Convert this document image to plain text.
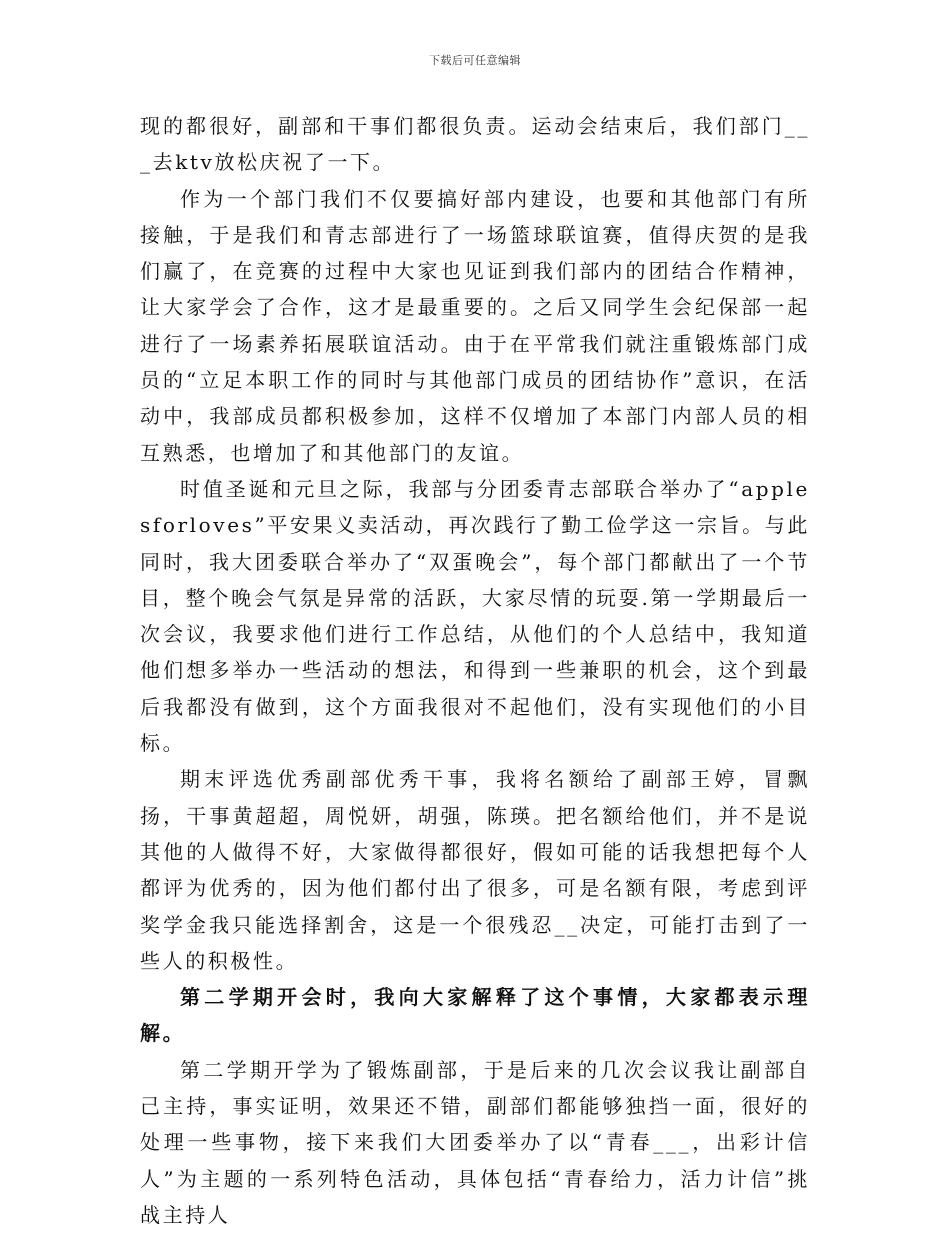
下载后可任意编辑

现的都很好，副部和干事们都很负责。运动会结束后，我们部门___去ktv放松庆祝了一下。

作为一个部门我们不仅要搞好部内建设，也要和其他部门有所接触，于是我们和青志部进行了一场篮球联谊赛，值得庆贺的是我们赢了，在竞赛的过程中大家也见证到我们部内的团结合作精神，让大家学会了合作，这才是最重要的。之后又同学生会纪保部一起进行了一场素养拓展联谊活动。由于在平常我们就注重锻炼部门成员的“立足本职工作的同时与其他部门成员的团结协作”意识，在活动中，我部成员都积极参加，这样不仅增加了本部门内部人员的相互熟悉，也增加了和其他部门的友谊。

时值圣诞和元旦之际，我部与分团委青志部联合举办了“applesforloves”平安果义卖活动，再次践行了勤工俭学这一宗旨。与此同时，我大团委联合举办了“双蛋晚会”，每个部门都献出了一个节目，整个晚会气氛是异常的活跃，大家尽情的玩耍.第一学期最后一次会议，我要求他们进行工作总结，从他们的个人总结中，我知道他们想多举办一些活动的想法，和得到一些兼职的机会，这个到最后我都没有做到，这个方面我很对不起他们，没有实现他们的小目标。

期末评选优秀副部优秀干事，我将名额给了副部王婷，冒飘扬，干事黄超超，周悦妍，胡强，陈瑛。把名额给他们，并不是说其他的人做得不好，大家做得都很好，假如可能的话我想把每个人都评为优秀的，因为他们都付出了很多，可是名额有限，考虑到评奖学金我只能选择割舍，这是一个很残忍__决定，可能打击到了一些人的积极性。

第二学期开会时，我向大家解释了这个事情，大家都表示理解。

第二学期开学为了锻炼副部，于是后来的几次会议我让副部自己主持，事实证明，效果还不错，副部们都能够独挡一面，很好的处理一些事物，接下来我们大团委举办了以“青春___，出彩计信人”为主题的一系列特色活动，具体包括“青春给力，活力计信”挑战主持人
